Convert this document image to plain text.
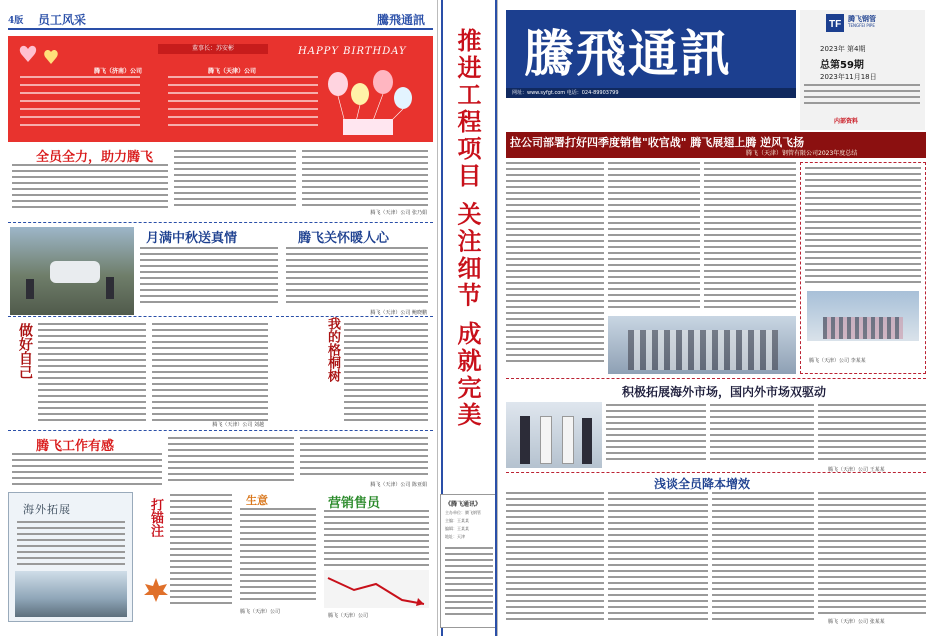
4版 员工风采	騰飛通訊
董事长：苏安彬	HAPPY BIRTHDAY
腾飞（济南）公司	腾飞（天津）公司
全员全力，助力腾飞
腾飞（天津）公司 张乃娟
月满中秋送真情	腾飞关怀暖人心
腾飞（天津）公司 鲍晓鹏
做好自己
腾飞（天津）公司 刘越
我的格桐树
腾飞工作有感
腾飞（天津）公司 陈亚娟
海外拓展	打锚注	生意
腾飞（天津）公司
营销售员
腾飞（天津）公司
推进工程项目 关注细节 成就完美
《腾飞通讯》
主办单位：腾飞钢管
主编：王某某
编辑：王某某
地址：天津
騰飛通訊
网址：www.syfgt.com 电话：024-89903799
TF 腾飞钢管
TENGFEI PIPE
2023年 第4期
总第59期
2023年11月18日
内部资料
拉公司部署打好四季度销售"收官战" 腾飞展翅上腾 逆风飞扬
腾飞（天津）钢管有限公司2023年度总结
腾飞（天津）公司 李某某
积极拓展海外市场，国内外市场双驱动
腾飞（天津）公司 王某某
浅谈全员降本增效
腾飞（天津）公司 张某某
